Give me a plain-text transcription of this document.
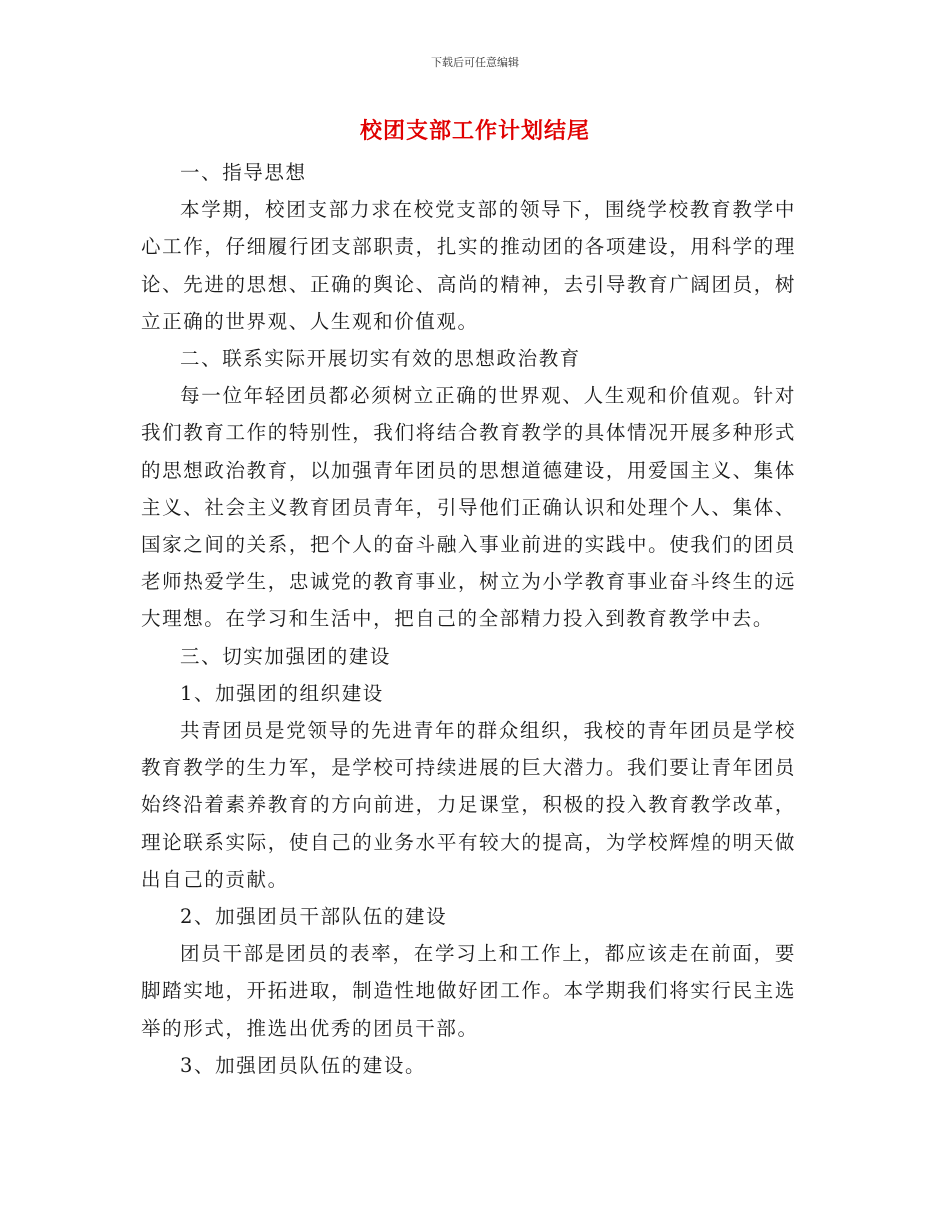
下载后可任意编辑
校团支部工作计划结尾

一、指导思想

本学期，校团支部力求在校党支部的领导下，围绕学校教育教学中心工作，仔细履行团支部职责，扎实的推动团的各项建设，用科学的理论、先进的思想、正确的舆论、高尚的精神，去引导教育广阔团员，树立正确的世界观、人生观和价值观。

二、联系实际开展切实有效的思想政治教育

每一位年轻团员都必须树立正确的世界观、人生观和价值观。针对我们教育工作的特别性，我们将结合教育教学的具体情况开展多种形式的思想政治教育，以加强青年团员的思想道德建设，用爱国主义、集体主义、社会主义教育团员青年，引导他们正确认识和处理个人、集体、国家之间的关系，把个人的奋斗融入事业前进的实践中。使我们的团员老师热爱学生，忠诚党的教育事业，树立为小学教育事业奋斗终生的远大理想。在学习和生活中，把自己的全部精力投入到教育教学中去。

三、切实加强团的建设

1、加强团的组织建设

共青团员是党领导的先进青年的群众组织，我校的青年团员是学校教育教学的生力军，是学校可持续进展的巨大潜力。我们要让青年团员始终沿着素养教育的方向前进，力足课堂，积极的投入教育教学改革，理论联系实际，使自己的业务水平有较大的提高，为学校辉煌的明天做出自己的贡献。

2、加强团员干部队伍的建设

团员干部是团员的表率，在学习上和工作上，都应该走在前面，要脚踏实地，开拓进取，制造性地做好团工作。本学期我们将实行民主选举的形式，推选出优秀的团员干部。

3、加强团员队伍的建设。
